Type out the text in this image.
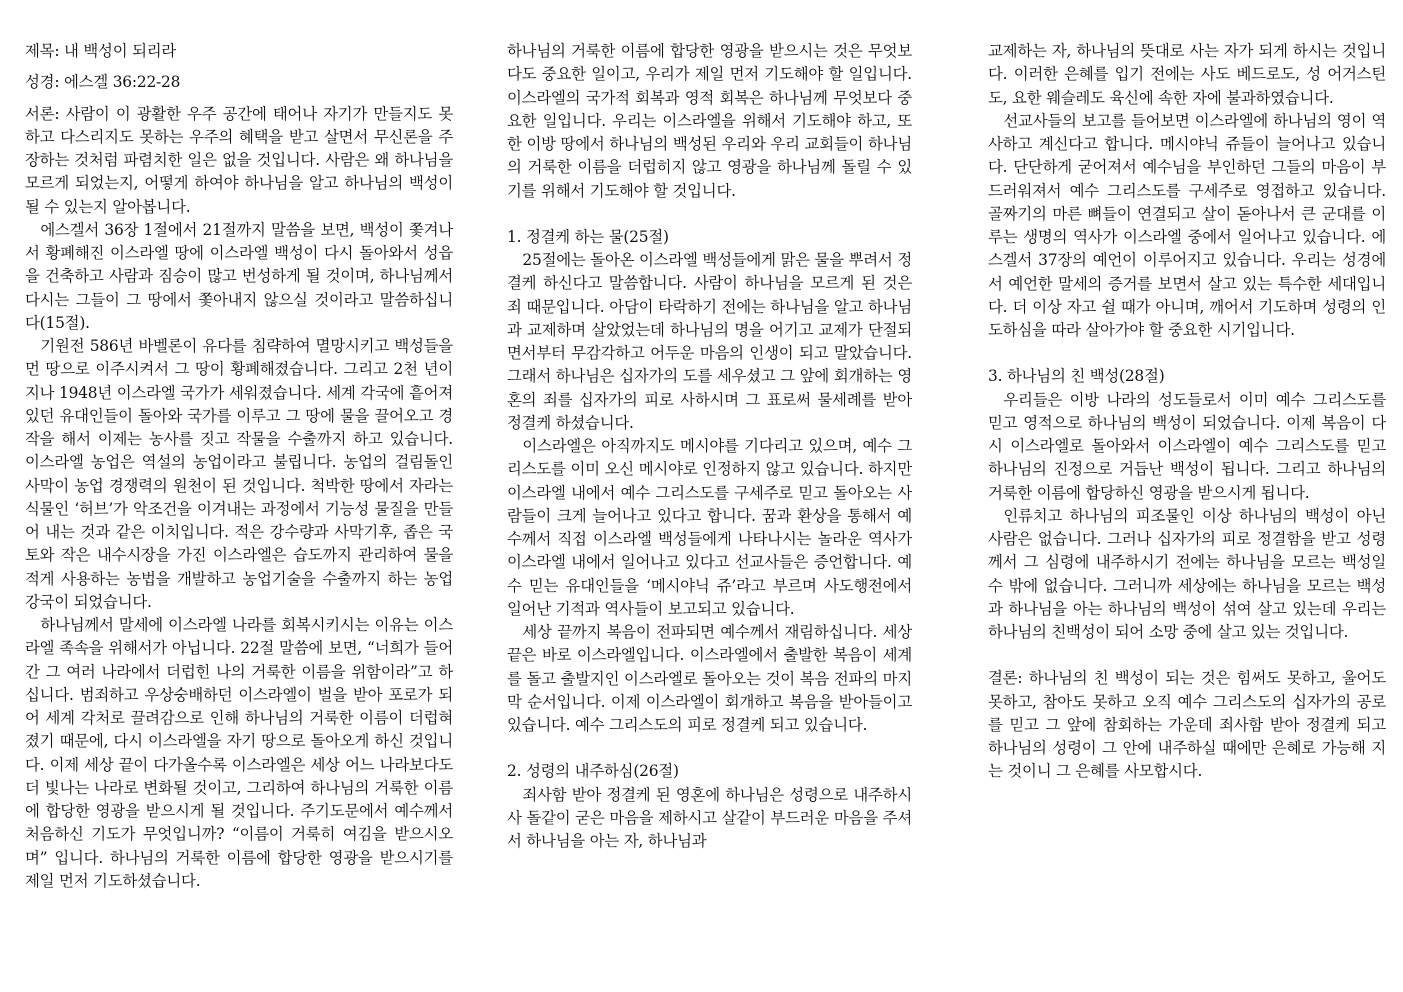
제목: 내 백성이 되리라

성경: 에스겔 36:22-28

서론: 사람이 이 광활한 우주 공간에 태어나 자기가 만들지도 못하고 다스리지도 못하는 우주의 혜택을 받고 살면서 무신론을 주장하는 것처럼 파렴치한 일은 없을 것입니다. 사람은 왜 하나님을 모르게 되었는지, 어떻게 하여야 하나님을 알고 하나님의 백성이 될 수 있는지 알아봅니다.

에스겔서 36장 1절에서 21절까지 말씀을 보면, 백성이 쫓겨나서 황폐해진 이스라엘 땅에 이스라엘 백성이 다시 돌아와서 성읍을 건축하고 사람과 짐승이 많고 번성하게 될 것이며, 하나님께서 다시는 그들이 그 땅에서 쫓아내지 않으실 것이라고 말씀하십니다(15절).

기원전 586년 바벨론이 유다를 침략하여 멸망시키고 백성들을 먼 땅으로 이주시켜서 그 땅이 황폐해졌습니다. 그리고 2천 년이 지나 1948년 이스라엘 국가가 세워졌습니다. 세계 각국에 흩어져 있던 유대인들이 돌아와 국가를 이루고 그 땅에 물을 끌어오고 경작을 해서 이제는 농사를 짓고 작물을 수출까지 하고 있습니다. 이스라엘 농업은 역설의 농업이라고 불립니다. 농업의 걸림돌인 사막이 농업 경쟁력의 원천이 된 것입니다. 척박한 땅에서 자라는 식물인 ‘허브’가 악조건을 이겨내는 과정에서 기능성 물질을 만들어 내는 것과 같은 이치입니다. 적은 강수량과 사막기후, 좁은 국토와 작은 내수시장을 가진 이스라엘은 습도까지 관리하여 물을 적게 사용하는 농법을 개발하고 농업기술을 수출까지 하는 농업강국이 되었습니다.

하나님께서 말세에 이스라엘 나라를 회복시키시는 이유는 이스라엘 족속을 위해서가 아닙니다. 22절 말씀에 보면, “너희가 들어간 그 여러 나라에서 더럽힌 나의 거룩한 이름을 위함이라”고 하십니다. 범죄하고 우상숭배하던 이스라엘이 벌을 받아 포로가 되어 세계 각처로 끌려감으로 인해 하나님의 거룩한 이름이 더럽혀졌기 때문에, 다시 이스라엘을 자기 땅으로 돌아오게 하신 것입니다. 이제 세상 끝이 다가올수록 이스라엘은 세상 어느 나라보다도 더 빛나는 나라로 변화될 것이고, 그리하여 하나님의 거룩한 이름에 합당한 영광을 받으시게 될 것입니다. 주기도문에서 예수께서 처음하신 기도가 무엇입니까? “이름이 거룩히 여김을 받으시오며” 입니다. 하나님의 거룩한 이름에 합당한 영광을 받으시기를 제일 먼저 기도하셨습니다.

하나님의 거룩한 이름에 합당한 영광을 받으시는 것은 무엇보다도 중요한 일이고, 우리가 제일 먼저 기도해야 할 일입니다. 이스라엘의 국가적 회복과 영적 회복은 하나님께 무엇보다 중요한 일입니다. 우리는 이스라엘을 위해서 기도해야 하고, 또한 이방 땅에서 하나님의 백성된 우리와 우리 교회들이 하나님의 거룩한 이름을 더럽히지 않고 영광을 하나님께 돌릴 수 있기를 위해서 기도해야 할 것입니다.

1. 정결케 하는 물(25절)

25절에는 돌아온 이스라엘 백성들에게 맑은 물을 뿌려서 정결케 하신다고 말씀합니다. 사람이 하나님을 모르게 된 것은 죄 때문입니다. 아담이 타락하기 전에는 하나님을 알고 하나님과 교제하며 살았었는데 하나님의 명을 어기고 교제가 단절되면서부터 무감각하고 어두운 마음의 인생이 되고 말았습니다. 그래서 하나님은 십자가의 도를 세우셨고 그 앞에 회개하는 영혼의 죄를 십자가의 피로 사하시며 그 표로써 물세례를 받아 정결케 하셨습니다.

이스라엘은 아직까지도 메시야를 기다리고 있으며, 예수 그리스도를 이미 오신 메시야로 인정하지 않고 있습니다. 하지만 이스라엘 내에서 예수 그리스도를 구세주로 믿고 돌아오는 사람들이 크게 늘어나고 있다고 합니다. 꿈과 환상을 통해서 예수께서 직접 이스라엘 백성들에게 나타나시는 놀라운 역사가 이스라엘 내에서 일어나고 있다고 선교사들은 증언합니다. 예수 믿는 유대인들을 ‘메시야닉 쥬’라고 부르며 사도행전에서 일어난 기적과 역사들이 보고되고 있습니다.

세상 끝까지 복음이 전파되면 예수께서 재림하십니다. 세상 끝은 바로 이스라엘입니다. 이스라엘에서 출발한 복음이 세계를 돌고 출발지인 이스라엘로 돌아오는 것이 복음 전파의 마지막 순서입니다. 이제 이스라엘이 회개하고 복음을 받아들이고 있습니다. 예수 그리스도의 피로 정결케 되고 있습니다.

2. 성령의 내주하심(26절)

죄사함 받아 정결케 된 영혼에 하나님은 성령으로 내주하시사 돌같이 굳은 마음을 제하시고 살같이 부드러운 마음을 주셔서 하나님을 아는 자, 하나님과

교제하는 자, 하나님의 뜻대로 사는 자가 되게 하시는 것입니다. 이러한 은혜를 입기 전에는 사도 베드로도, 성 어거스틴도, 요한 웨슬레도 육신에 속한 자에 불과하였습니다.

선교사들의 보고를 들어보면 이스라엘에 하나님의 영이 역사하고 계신다고 합니다. 메시야닉 쥬들이 늘어나고 있습니다. 단단하게 굳어져서 예수님을 부인하던 그들의 마음이 부드러워져서 예수 그리스도를 구세주로 영접하고 있습니다. 골짜기의 마른 뼈들이 연결되고 살이 돋아나서 큰 군대를 이루는 생명의 역사가 이스라엘 중에서 일어나고 있습니다. 에스겔서 37장의 예언이 이루어지고 있습니다. 우리는 성경에서 예언한 말세의 증거를 보면서 살고 있는 특수한 세대입니다. 더 이상 자고 쉴 때가 아니며, 깨어서 기도하며 성령의 인도하심을 따라 살아가야 할 중요한 시기입니다.

3. 하나님의 친 백성(28절)

우리들은 이방 나라의 성도들로서 이미 예수 그리스도를 믿고 영적으로 하나님의 백성이 되었습니다. 이제 복음이 다시 이스라엘로 돌아와서 이스라엘이 예수 그리스도를 믿고 하나님의 진정으로 거듭난 백성이 됩니다. 그리고 하나님의 거룩한 이름에 합당하신 영광을 받으시게 됩니다.

인류치고 하나님의 피조물인 이상 하나님의 백성이 아닌 사람은 없습니다. 그러나 십자가의 피로 정결함을 받고 성령께서 그 심령에 내주하시기 전에는 하나님을 모르는 백성일 수 밖에 없습니다. 그러니까 세상에는 하나님을 모르는 백성과 하나님을 아는 하나님의 백성이 섞여 살고 있는데 우리는 하나님의 친백성이 되어 소망 중에 살고 있는 것입니다.

결론: 하나님의 친 백성이 되는 것은 힘써도 못하고, 울어도 못하고, 참아도 못하고 오직 예수 그리스도의 십자가의 공로를 믿고 그 앞에 참회하는 가운데 죄사함 받아 정결케 되고 하나님의 성령이 그 안에 내주하실 때에만 은혜로 가능해 지는 것이니 그 은혜를 사모합시다.
